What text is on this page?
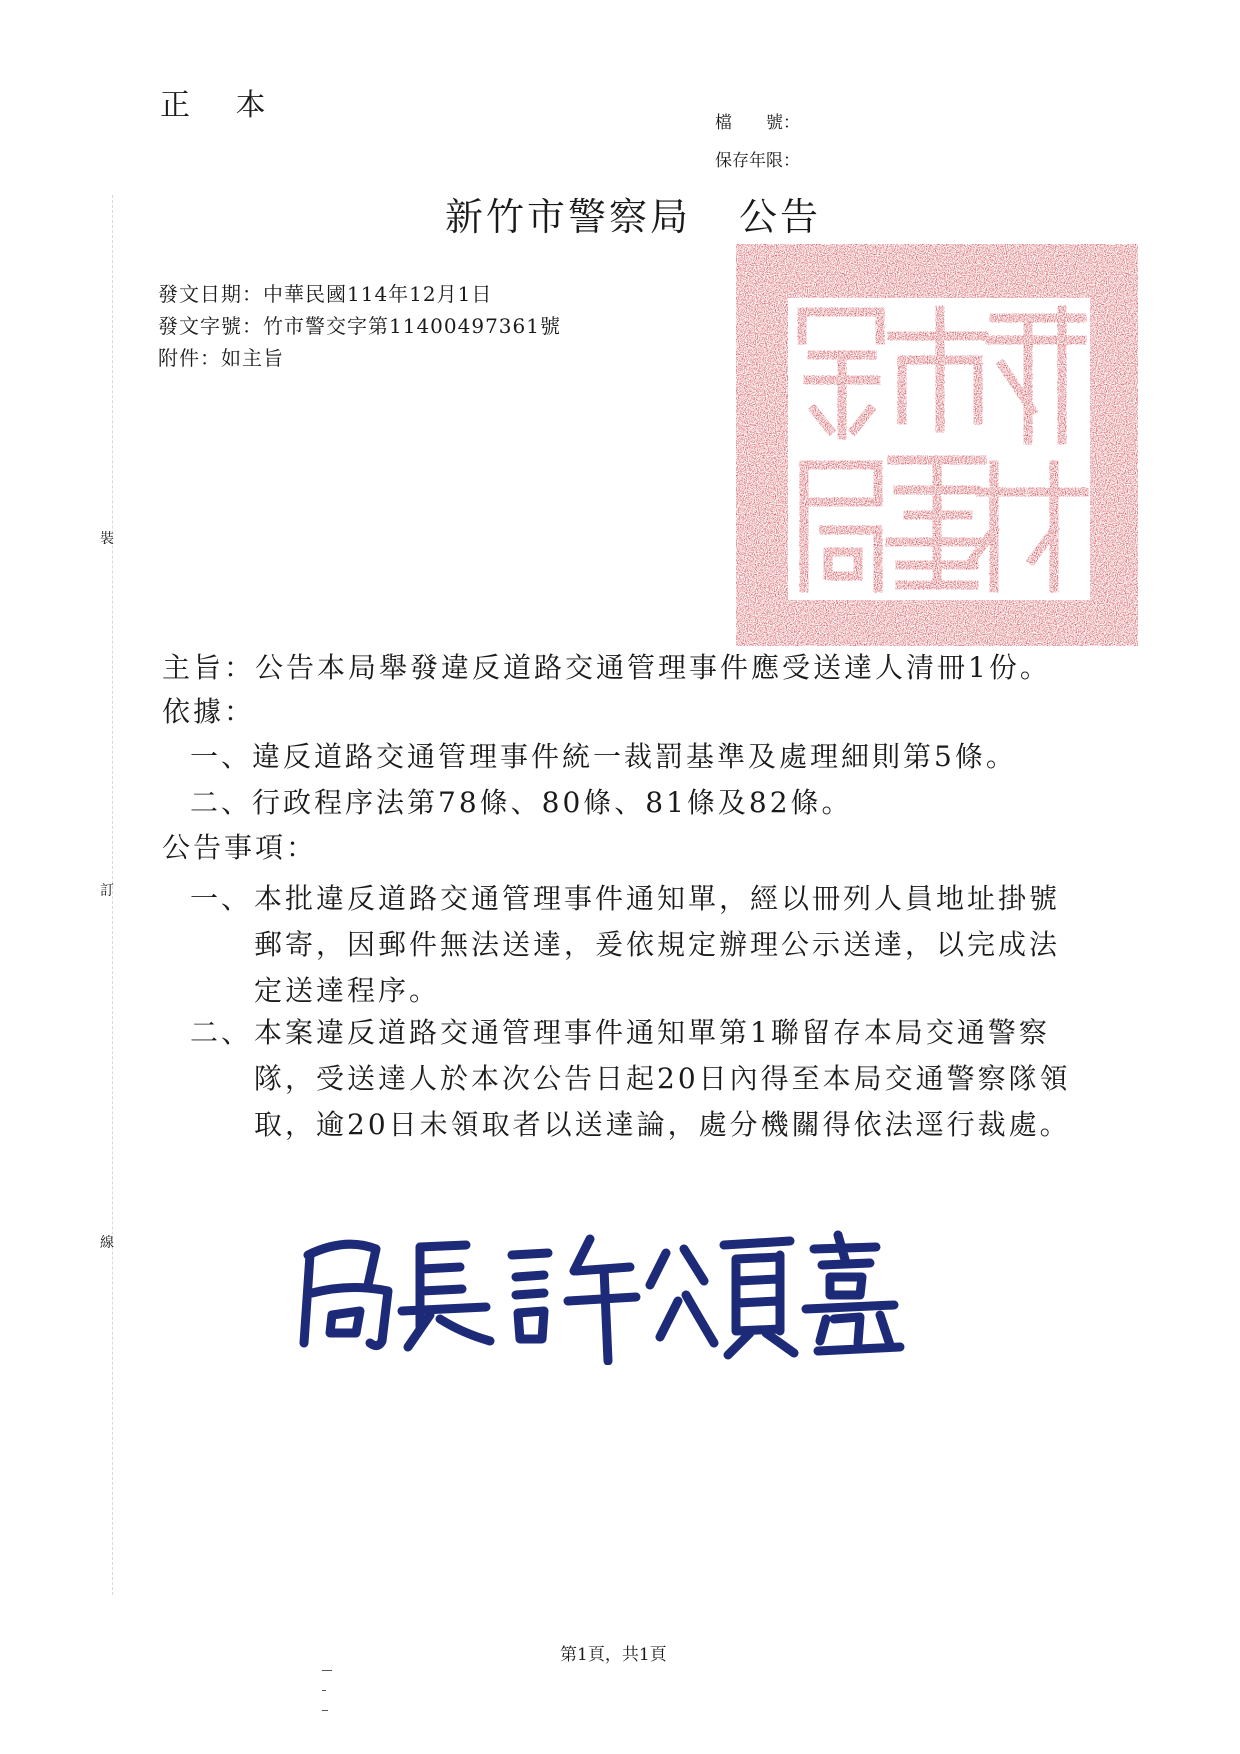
正 本	檔　　號：
保存年限：
新竹市警察局 公告
發文日期：中華民國114年12月1日
發文字號：竹市警交字第11400497361號
附件：如主旨
裝
訂
線
主旨：公告本局舉發違反道路交通管理事件應受送達人清冊1份。
依據：
一、違反道路交通管理事件統一裁罰基準及處理細則第5條。
二、行政程序法第78條、80條、81條及82條。
公告事項：
一、 本批違反道路交通管理事件通知單，經以冊列人員地址掛號郵寄，因郵件無法送達，爰依規定辦理公示送達，以完成法定送達程序。
二、 本案違反道路交通管理事件通知單第1聯留存本局交通警察隊，受送達人於本次公告日起20日內得至本局交通警察隊領取，逾20日未領取者以送達論，處分機關得依法逕行裁處。
第1頁，共1頁
